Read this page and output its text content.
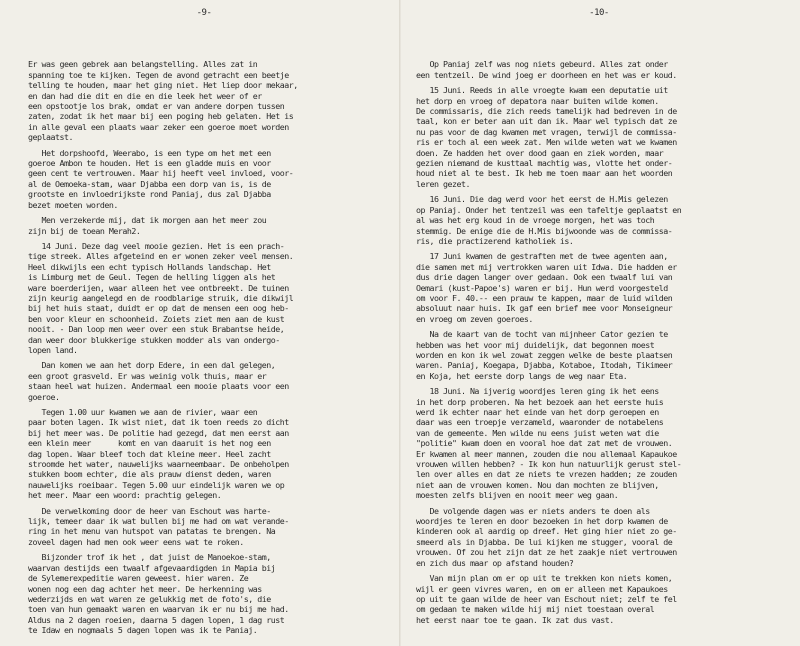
-9-

Er was geen gebrek aan belangstelling. Alles zat in
spanning toe te kijken. Tegen de avond getracht een beetje
telling te houden, maar het ging niet. Het liep door mekaar,
en dan had die dit en die en die leek het weer of er
een opstootje los brak, omdat er van andere dorpen tussen
zaten, zodat ik het maar bij een poging heb gelaten. Het is
in alle geval een plaats waar zeker een goeroe moet worden
geplaatst.

Het dorpshoofd, Weerabo, is een type om het met een
goeroe Ambon te houden. Het is een gladde muis en voor
geen cent te vertrouwen. Maar hij heeft veel invloed, voor-
al de Oemoeka-stam, waar Djabba een dorp van is, is de
grootste en invloedrijkste rond Paniaj, dus zal Djabba
bezet moeten worden.

Men verzekerde mij, dat ik morgen aan het meer zou
zijn bij de toean Merah2.

14 Juni. Deze dag veel mooie gezien. Het is een prach-
tige streek. Alles afgeteind en er wonen zeker veel mensen.
Heel dikwijls een echt typisch Hollands landschap. Het
is Limburg met de Geul. Tegen de helling liggen als het
ware boerderijen, waar alleen het vee ontbreekt. De tuinen
zijn keurig aangelegd en de roodblarige struik, die dikwijl
bij het huis staat, duidt er op dat de mensen een oog heb-
ben voor kleur en schoonheid. Zoiets ziet men aan de kust
nooit. - Dan loop men weer over een stuk Brabantse heide,
dan weer door blukkerige stukken modder als van ondergo-
lopen land.

Dan komen we aan het dorp Edere, in een dal gelegen,
een groot grasveld. Er was weinig volk thuis, maar er
staan heel wat huizen. Andermaal een mooie plaats voor een
goeroe.

Tegen 1.00 uur kwamen we aan de rivier, waar een
paar boten lagen. Ik wist niet, dat ik toen reeds zo dicht
bij het meer was. De politie had gezegd, dat men eerst aan
een klein meer      komt en van daaruit is het nog een
dag lopen. Waar bleef toch dat kleine meer. Heel zacht
stroomde het water, nauwelijks waarneembaar. De onbeholpen
stukken boom echter, die als prauw dienst deden, waren
nauwelijks roeibaar. Tegen 5.00 uur eindelijk waren we op
het meer. Maar een woord: prachtig gelegen.

De verwelkoming door de heer van Eschout was harte-
lijk, temeer daar ik wat bullen bij me had om wat verande-
ring in het menu van hutspot van patatas te brengen. Na
zoveel dagen had men ook weer eens wat te roken.

Bijzonder trof ik het , dat juist de Manoekoe-stam,
waarvan destijds een twaalf afgevaardigden in Mapia bij
de Sylemerexpeditie waren geweest. hier waren. Ze
wonen nog een dag achter het meer. De herkenning was
wederzijds en wat waren ze gelukkig met de foto's, die
toen van hun gemaakt waren en waarvan ik er nu bij me had.
Aldus na 2 dagen roeien, daarna 5 dagen lopen, 1 dag rust
te Idaw en nogmaals 5 dagen lopen was ik te Paniaj.

-10-

Op Paniaj zelf was nog niets gebeurd. Alles zat onder
een tentzeil. De wind joeg er doorheen en het was er koud.

15 Juni. Reeds in alle vroegte kwam een deputatie uit
het dorp en vroeg of depatora naar buiten wilde komen.
De commissaris, die zich reeds tamelijk had bedreven in de
taal, kon er beter aan uit dan ik. Maar wel typisch dat ze
nu pas voor de dag kwamen met vragen, terwijl de commissa-
ris er toch al een week zat. Men wilde weten wat we kwamen
doen. Ze hadden het over dood gaan en ziek worden, maar
gezien niemand de kusttaal machtig was, vlotte het onder-
houd niet al te best. Ik heb me toen maar aan het woorden
leren gezet.

16 Juni. Die dag werd voor het eerst de H.Mis gelezen
op Paniaj. Onder het tentzeil was een tafeltje geplaatst en
al was het erg koud in de vroege morgen, het was toch
stemmig. De enige die de H.Mis bijwoonde was de commissa-
ris, die practizerend katholiek is.

17 Juni kwamen de gestraften met de twee agenten aan,
die samen met mij vertrokken waren uit Idwa. Die hadden er
dus drie dagen langer over gedaan. Ook een twaalf lui van
Oemari (kust-Papoe's) waren er bij. Hun werd voorgesteld
om voor F. 40.-- een prauw te kappen, maar de luid wilden
absoluut naar huis. Ik gaf een brief mee voor Monseigneur
en vroeg om zeven goeroes.

Na de kaart van de tocht van mijnheer Cator gezien te
hebben was het voor mij duidelijk, dat begonnen moest
worden en kon ik wel zowat zeggen welke de beste plaatsen
waren. Paniaj, Koegapa, Djabba, Kotaboe, Itodah, Tikimeer
en Koja, het eerste dorp langs de weg naar Eta.

18 Juni. Na ijverig woordjes leren ging ik het eens
in het dorp proberen. Na het bezoek aan het eerste huis
werd ik echter naar het einde van het dorp geroepen en
daar was een troepje verzameld, waaronder de notabelens
van de gemeente. Men wilde nu eens juist weten wat die
"politie" kwam doen en vooral hoe dat zat met de vrouwen.
Er kwamen al meer mannen, zouden die nou allemaal Kapaukoe
vrouwen willen hebben? - Ik kon hun natuurlijk gerust stel-
len over alles en dat ze niets te vrezen hadden; ze zouden
niet aan de vrouwen komen. Nou dan mochten ze blijven,
moesten zelfs blijven en nooit meer weg gaan.

De volgende dagen was er niets anders te doen als
woordjes te leren en door bezoeken in het dorp kwamen de
kinderen ook al aardig op dreef. Het ging hier niet zo ge-
smeerd als in Djabba. De lui kijken me stugger, vooral de
vrouwen. Of zou het zijn dat ze het zaakje niet vertrouwen
en zich dus maar op afstand houden?

Van mijn plan om er op uit te trekken kon niets komen,
wijl er geen vivres waren, en om er alleen met Kapaukoes
op uit te gaan wilde de heer van Eschout niet; zelf te fel
om gedaan te maken wilde hij mij niet toestaan overal
het eerst naar toe te gaan. Ik zat dus vast.
